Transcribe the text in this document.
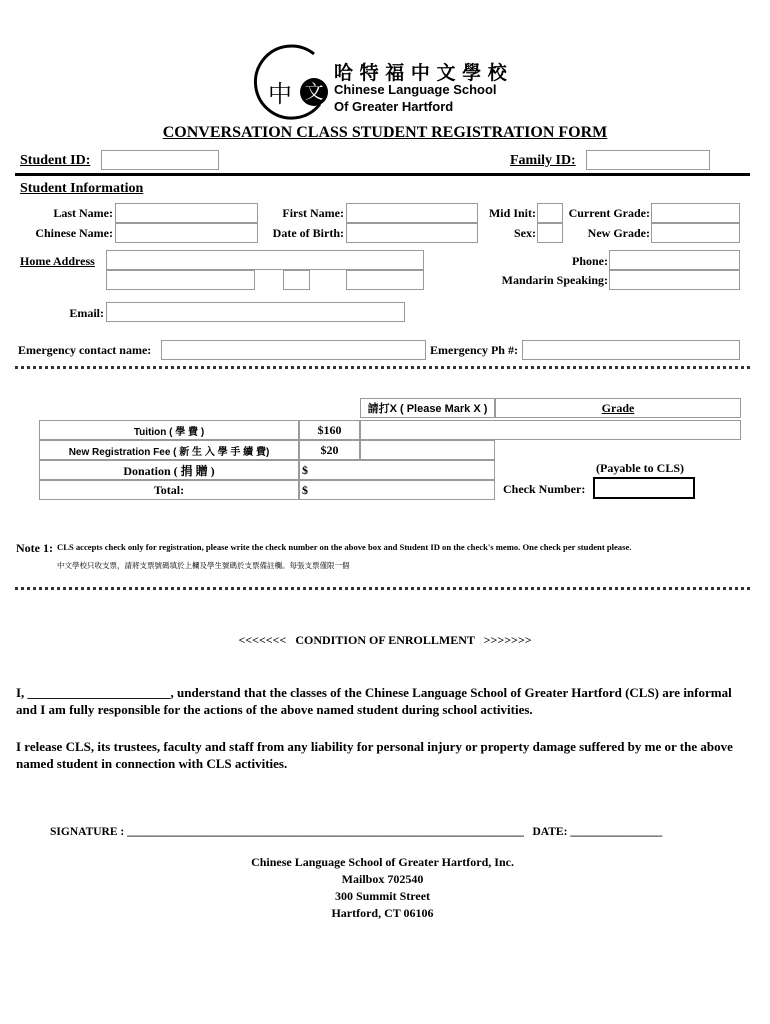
中 文
哈 特 福 中 文 學 校
Chinese Language School
Of Greater Hartford
CONVERSATION CLASS STUDENT REGISTRATION FORM
Student ID:	Family ID:
Student Information
Last Name:	First Name:	Mid Init:	Current Grade:
Chinese Name:	Date of Birth:	Sex:	New Grade:
Home Address	Phone:
Mandarin Speaking:
Email:
Emergency contact name:	Emergency Ph #:
請打X ( Please Mark X )	Grade
Tuition ( 學 費 )	$160
New Registration Fee ( 新 生 入 學 手 續 費)	$20
Donation ( 捐 贈 )	$
Total:	$
(Payable to CLS)
Check Number:
Note 1: CLS accepts check only for registration, please write the check number on the above box and Student ID on the check's memo. One check per student please.
中文學校只收支票，請將支票號碼填於上欄及學生號碼於支票備註欄。每張支票僅限一個
<<<<<<<   CONDITION OF ENROLLMENT   >>>>>>>
I, ______________________, understand that the classes of the Chinese Language School of Greater Hartford (CLS) are informal and I am fully responsible for the actions of the above named student during school activities.
I release CLS, its trustees, faculty and staff from any liability for personal injury or property damage suffered by me or the above named student in connection with CLS activities.
SIGNATURE : _____________________________________________________________________   DATE: ________________
Chinese Language School of Greater Hartford, Inc.
Mailbox 702540
300 Summit Street
Hartford, CT 06106
